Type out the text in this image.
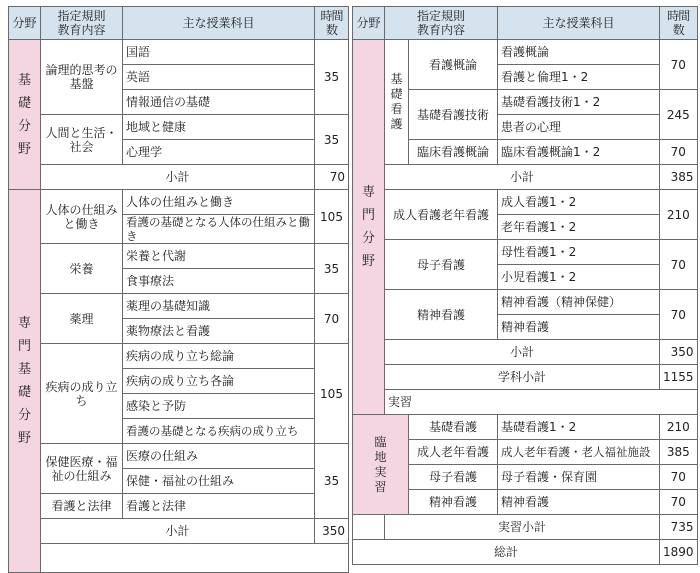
分野	指定規則
教育内容	主な授業科目	時間数

基礎分野	論理的思考の基盤	国語	35
		英語	
		情報通信の基礎	
	人間と生活・社会	地域と健康	35
		心理学	
	小計		70

専門基礎分野	人体の仕組みと働き	人体の仕組みと働き	105
		看護の基礎となる人体の仕組みと働き	
	栄養	栄養と代謝	35
		食事療法	
	薬理	薬理の基礎知識	70
		薬物療法と看護	
	疾病の成り立ち	疾病の成り立ち総論	105
		疾病の成り立ち各論	
		感染と予防	
		看護の基礎となる疾病の成り立ち	
	保健医療・福祉の仕組み	医療の仕組み	35
		保健・福祉の仕組み	
	看護と法律	看護と法律	
	小計		350

分野	指定規則
教育内容		主な授業科目	時間数

専門分野	基礎看護	看護概論	看護概論	70
			看護と倫理1・2	
		基礎看護技術	基礎看護技術1・2	245
			患者の心理	
		臨床看護概論	臨床看護概論1・2	70
	小計			385
	成人看護老年看護		成人看護1・2	210
			老年看護1・2	
	母子看護		母性看護1・2	70
			小児看護1・2	
	精神看護		精神看護（精神保健）	70
			精神看護	
	小計			350
	学科小計			1155
	実習			

臨地実習		基礎看護	基礎看護1・2	210
		成人老年看護	成人老年看護・老人福祉施設	385
		母子看護	母子看護・保育園	70
		精神看護	精神看護	70
	実習小計			735
総計				1890
